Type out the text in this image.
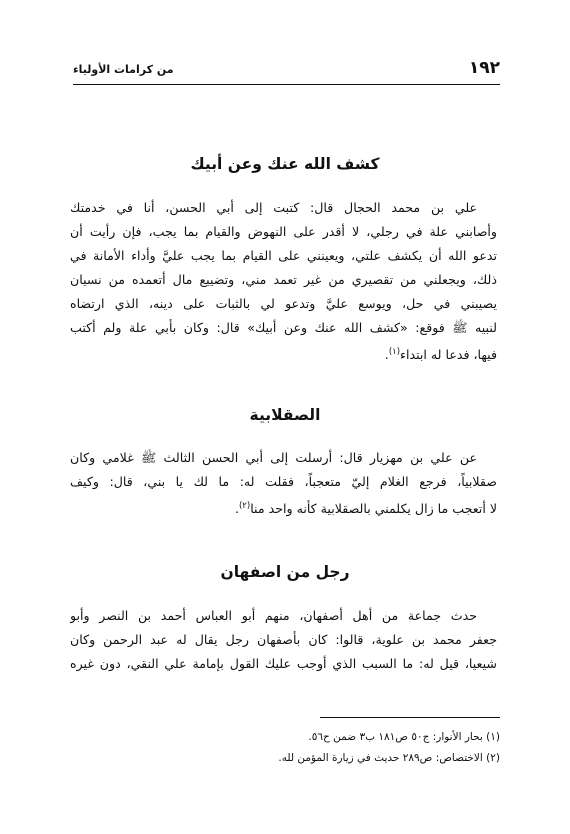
١٩٢
من كرامات الأولياء
كشف الله عنك وعن أبيك
علي بن محمد الحجال قال: كتبت إلى أبي الحسن، أنا في خدمتك
وأصابني علة في رجلي، لا أقدر على النهوض والقيام بما يجب، فإن رأيت أن
تدعو الله أن يكشف علتي، ويعينني على القيام بما يجب عليَّ وأداء الأمانة في
ذلك، ويجعلني من تقصيري من غير تعمد مني، وتضييع مال أتعمده من نسيان
يصيبني في حل، ويوسع عليَّ وتدعو لي بالثبات على دينه، الذي ارتضاه
لنبيه ﷺ فوقع: «كشف الله عنك وعن أبيك» قال: وكان بأبي علة ولم أكتب
فيها، فدعا له ابتداء$^{(١)}$.
الصقلابية
عن علي بن مهزيار قال: أرسلت إلى أبي الحسن الثالث ﷺ غلامي وكان
صقلابياً، فرجع الغلام إليّ متعجباً، فقلت له: ما لك يا بني، قال: وكيف
لا أتعجب ما زال يكلمني بالصقلابية كأنه واحد منا$^{(٢)}$.
رجل من اصفهان
حدث جماعة من أهل أصفهان، منهم أبو العباس أحمد بن النصر وأبو
جعفر محمد بن علوية، قالوا: كان بأصفهان رجل يقال له عبد الرحمن وكان
شيعيا، قيل له: ما السبب الذي أوجب عليك القول بإمامة علي النقي، دون غيره
(١) بحار الأنوار: ج٥٠ ص١٨١ ب٣ ضمن ح٥٦.
(٢) الاختصاص: ص٢٨٩ حديث في زيارة المؤمن لله.
